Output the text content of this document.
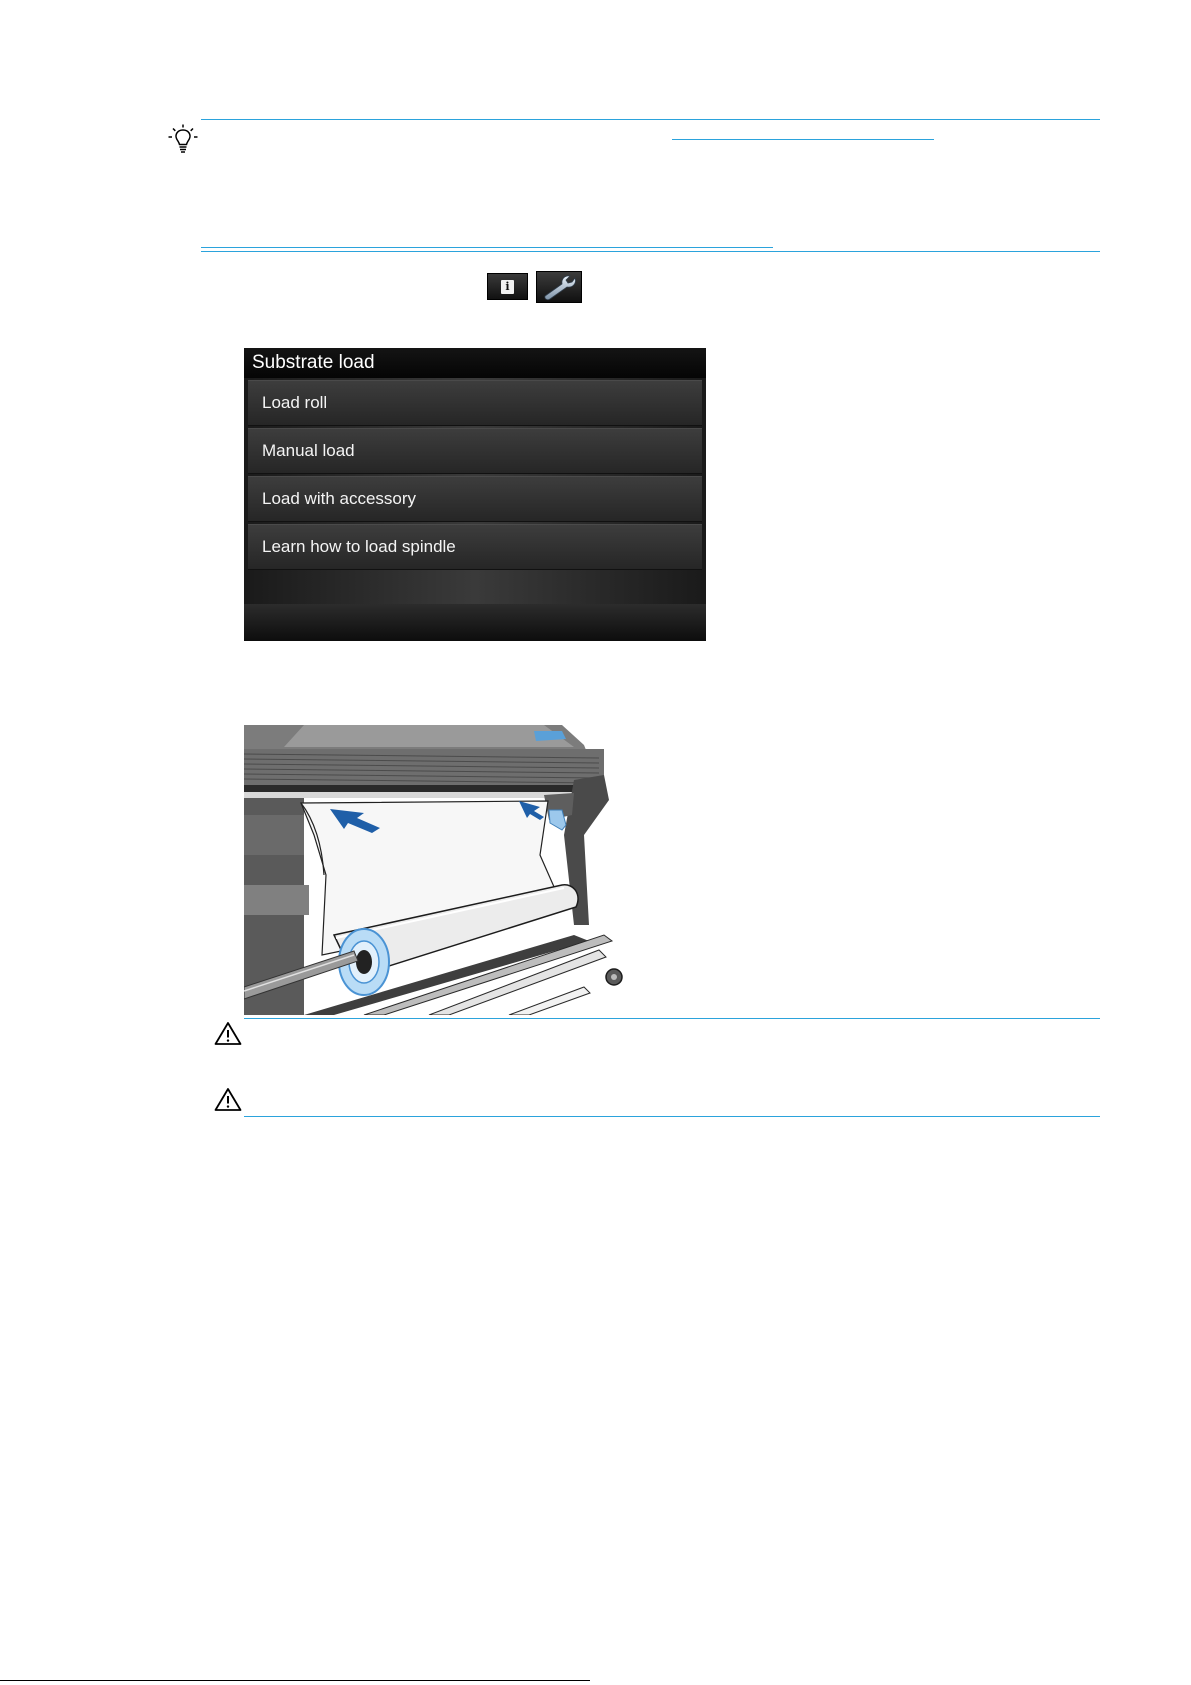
i
Substrate load
Load roll
Manual load
Load with accessory
Learn how to load spindle
